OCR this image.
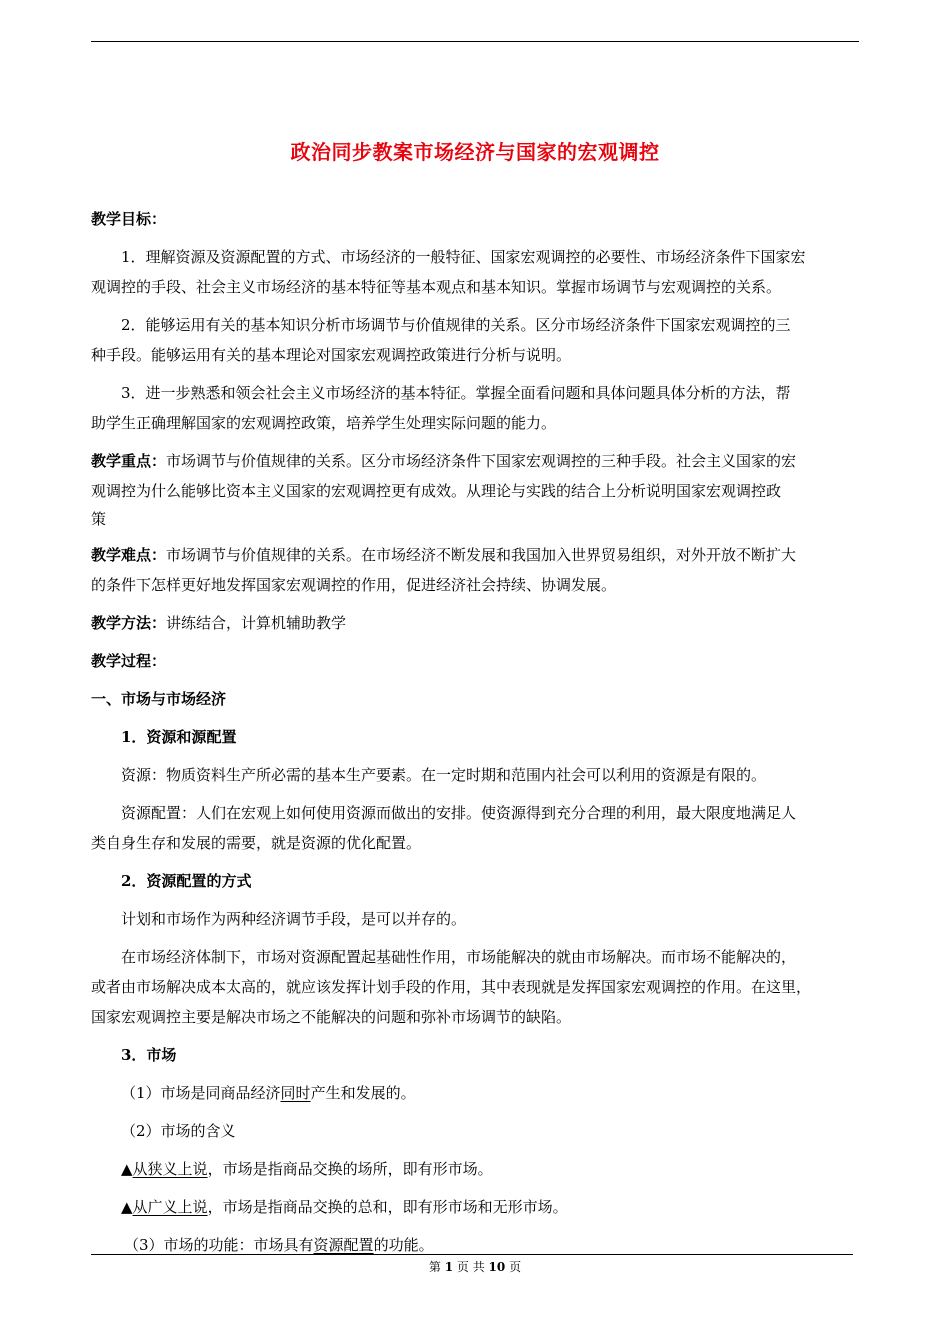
政治同步教案市场经济与国家的宏观调控
教学目标：
1．理解资源及资源配置的方式、市场经济的一般特征、国家宏观调控的必要性、市场经济条件下国家宏
观调控的手段、社会主义市场经济的基本特征等基本观点和基本知识。掌握市场调节与宏观调控的关系。
2．能够运用有关的基本知识分析市场调节与价值规律的关系。区分市场经济条件下国家宏观调控的三
种手段。能够运用有关的基本理论对国家宏观调控政策进行分析与说明。
3．进一步熟悉和领会社会主义市场经济的基本特征。掌握全面看问题和具体问题具体分析的方法，帮
助学生正确理解国家的宏观调控政策，培养学生处理实际问题的能力。
教学重点：市场调节与价值规律的关系。区分市场经济条件下国家宏观调控的三种手段。社会主义国家的宏
观调控为什么能够比资本主义国家的宏观调控更有成效。从理论与实践的结合上分析说明国家宏观调控政
策
教学难点：市场调节与价值规律的关系。在市场经济不断发展和我国加入世界贸易组织，对外开放不断扩大
的条件下怎样更好地发挥国家宏观调控的作用，促进经济社会持续、协调发展。
教学方法：讲练结合，计算机辅助教学
教学过程：
一、市场与市场经济
1．资源和源配置
资源：物质资料生产所必需的基本生产要素。在一定时期和范围内社会可以利用的资源是有限的。
资源配置：人们在宏观上如何使用资源而做出的安排。使资源得到充分合理的利用，最大限度地满足人
类自身生存和发展的需要，就是资源的优化配置。
2．资源配置的方式
计划和市场作为两种经济调节手段，是可以并存的。
在市场经济体制下，市场对资源配置起基础性作用，市场能解决的就由市场解决。而市场不能解决的，
或者由市场解决成本太高的，就应该发挥计划手段的作用，其中表现就是发挥国家宏观调控的作用。在这里，
国家宏观调控主要是解决市场之不能解决的问题和弥补市场调节的缺陷。
3．市场
（1）市场是同商品经济同时产生和发展的。
（2）市场的含义
▲从狭义上说，市场是指商品交换的场所，即有形市场。
▲从广义上说，市场是指商品交换的总和，即有形市场和无形市场。
（3）市场的功能：市场具有资源配置的功能。
第 1 页 共 10 页
